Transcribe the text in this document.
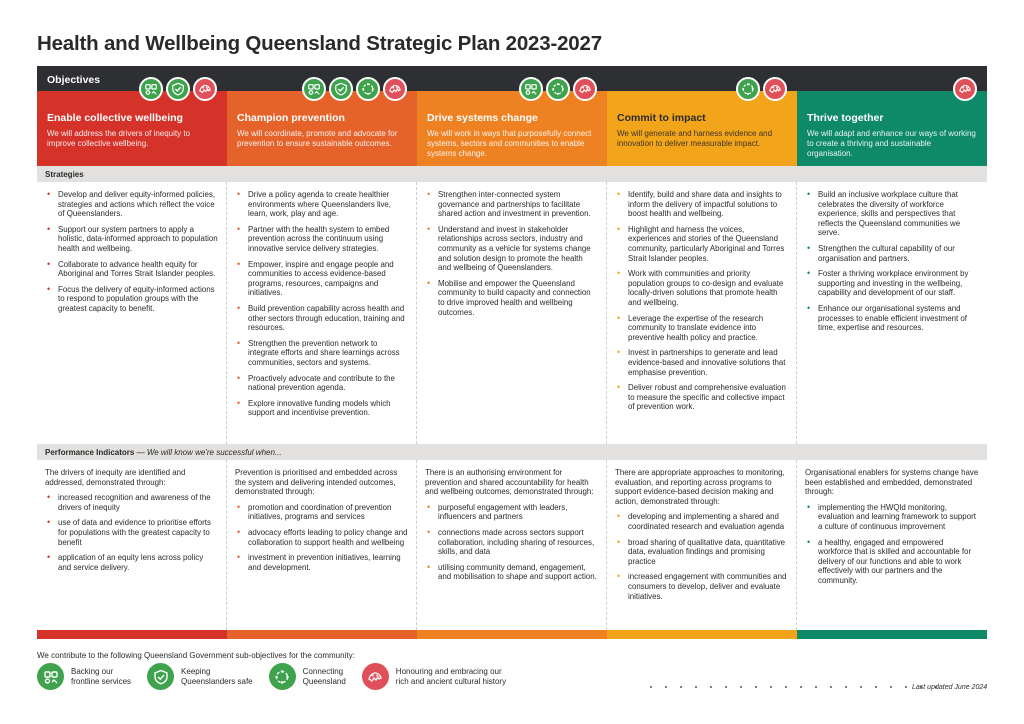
Health and Wellbeing Queensland Strategic Plan 2023-2027
Objectives
Enable collective wellbeing

We will address the drivers of inequity to improve collective wellbeing.

Champion prevention

We will coordinate, promote and advocate for prevention to ensure sustainable outcomes.

Drive systems change

We will work in ways that purposefully connect systems, sectors and communities to enable systems change.

Commit to impact

We will generate and harness evidence and innovation to deliver measurable impact.

Thrive together

We will adapt and enhance our ways of working to create a thriving and sustainable organisation.

Strategies
• Develop and deliver equity-informed policies, strategies and actions which reflect the voice of Queenslanders.
• Support our system partners to apply a holistic, data-informed approach to population health and wellbeing.
• Collaborate to advance health equity for Aboriginal and Torres Strait Islander peoples.
• Focus the delivery of equity-informed actions to respond to population groups with the greatest capacity to benefit.
• Drive a policy agenda to create healthier environments where Queenslanders live, learn, work, play and age.
• Partner with the health system to embed prevention across the continuum using innovative service delivery strategies.
• Empower, inspire and engage people and communities to access evidence-based programs, resources, campaigns and initiatives.
• Build prevention capability across health and other sectors through education, training and resources.
• Strengthen the prevention network to integrate efforts and share learnings across communities, sectors and systems.
• Proactively advocate and contribute to the national prevention agenda.
• Explore innovative funding models which support and incentivise prevention.
• Strengthen inter-connected system governance and partnerships to facilitate shared action and investment in prevention.
• Understand and invest in stakeholder relationships across sectors, industry and community as a vehicle for systems change and solution design to promote the health and wellbeing of Queenslanders.
• Mobilise and empower the Queensland community to build capacity and connection to drive improved health and wellbeing outcomes.
• Identify, build and share data and insights to inform the delivery of impactful solutions to boost health and wellbeing.
• Highlight and harness the voices, experiences and stories of the Queensland community, particularly Aboriginal and Torres Strait Islander peoples.
• Work with communities and priority population groups to co-design and evaluate locally-driven solutions that promote health and wellbeing.
• Leverage the expertise of the research community to translate evidence into preventive health policy and practice.
• Invest in partnerships to generate and lead evidence-based and innovative solutions that emphasise prevention.
• Deliver robust and comprehensive evaluation to measure the specific and collective impact of prevention work.
• Build an inclusive workplace culture that celebrates the diversity of workforce experience, skills and perspectives that reflects the Queensland communities we serve.
• Strengthen the cultural capability of our organisation and partners.
• Foster a thriving workplace environment by supporting and investing in the wellbeing, capability and development of our staff.
• Enhance our organisational systems and processes to enable efficient investment of time, expertise and resources.
Performance Indicators — We will know we're successful when...

The drivers of inequity are identified and addressed, demonstrated through:

• increased recognition and awareness of the drivers of inequity
• use of data and evidence to prioritise efforts for populations with the greatest capacity to benefit
• application of an equity lens across policy and service delivery.

Prevention is prioritised and embedded across the system and delivering intended outcomes, demonstrated through:

• promotion and coordination of prevention initiatives, programs and services
• advocacy efforts leading to policy change and collaboration to support health and wellbeing
• investment in prevention initiatives, learning and development.

There is an authorising environment for prevention and shared accountability for health and wellbeing outcomes, demonstrated through:

• purposeful engagement with leaders, influencers and partners
• connections made across sectors support collaboration, including sharing of resources, skills, and data
• utilising community demand, engagement, and mobilisation to shape and support action.

There are appropriate approaches to monitoring, evaluation, and reporting across programs to support evidence-based decision making and action, demonstrated through:

• developing and implementing a shared and coordinated research and evaluation agenda
• broad sharing of qualitative data, quantitative data, evaluation findings and promising practice
• increased engagement with communities and consumers to develop, deliver and evaluate initiatives.

Organisational enablers for systems change have been established and embedded, demonstrated through:

• implementing the HWQld monitoring, evaluation and learning framework to support a culture of continuous improvement
• a healthy, engaged and empowered workforce that is skilled and accountable for delivery of our functions and able to work effectively with our partners and the community.
We contribute to the following Queensland Government sub-objectives for the community:
Backing our
frontline services
Keeping
Queenslanders safe
Connecting
Queensland
Honouring and embracing our
rich and ancient cultural history
Last updated June 2024
